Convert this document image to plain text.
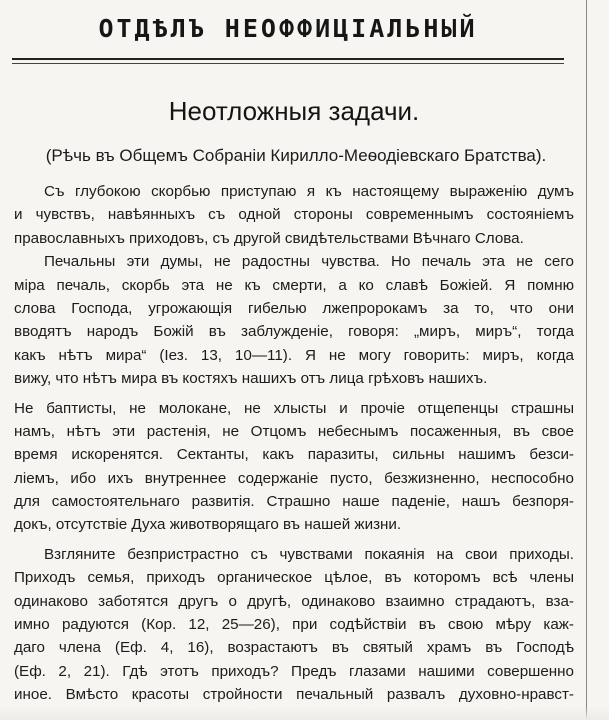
ОТДѢЛЪ НЕОФФИЦІАЛЬНЫЙ
Неотложныя задачи.
(Рѣчь въ Общемъ Собраніи Кирилло-Меѳодіевскаго Братства).
Съ глубокою скорбью приступаю я къ настоящему выраженію думъ
и чувствъ, навѣянныхъ съ одной стороны современнымъ состояніемъ
православныхъ приходовъ, съ другой свидѣтельствами Вѣчнаго Слова.
Печальны эти думы, не радостны чувства. Но печаль эта не сего
міра печаль, скорбь эта не къ смерти, а ко славѣ Божіей. Я помню
слова Господа, угрожающія гибелью лжепророкамъ за то, что они
вводятъ народъ Божій въ заблужденіе, говоря: „миръ, миръ“, тогда
какъ нѣтъ мира“ (Іез. 13, 10—11). Я не могу говорить: миръ, когда
вижу, что нѣтъ мира въ костяхъ нашихъ отъ лица грѣховъ нашихъ.
Не баптисты, не молокане, не хлысты и прочіе отщепенцы страшны
намъ, нѣтъ эти растенія, не Отцомъ небеснымъ посаженныя, въ свое
время искоренятся. Сектанты, какъ паразиты, сильны нашимъ безси-
ліемъ, ибо ихъ внутреннее содержаніе пусто, безжизненно, неспособно
для самостоятельнаго развитія. Страшно наше паденіе, нашъ безпоря-
докъ, отсутствіе Духа животворящаго въ нашей жизни.
Взгляните безпристрастно съ чувствами покаянія на свои приходы.
Приходъ семья, приходъ органическое цѣлое, въ которомъ всѣ члены
одинаково заботятся другъ о другѣ, одинаково взаимно страдаютъ, вза-
имно радуются (Кор. 12, 25—26), при содѣйствіи въ свою мѣру каж-
даго члена (Еф. 4, 16), возрастаютъ въ святый храмъ въ Господѣ
(Еф. 2, 21). Гдѣ этотъ приходъ? Предъ глазами нашими совершенно
иное. Вмѣсто красоты стройности печальный развалъ духовно-нравст-
